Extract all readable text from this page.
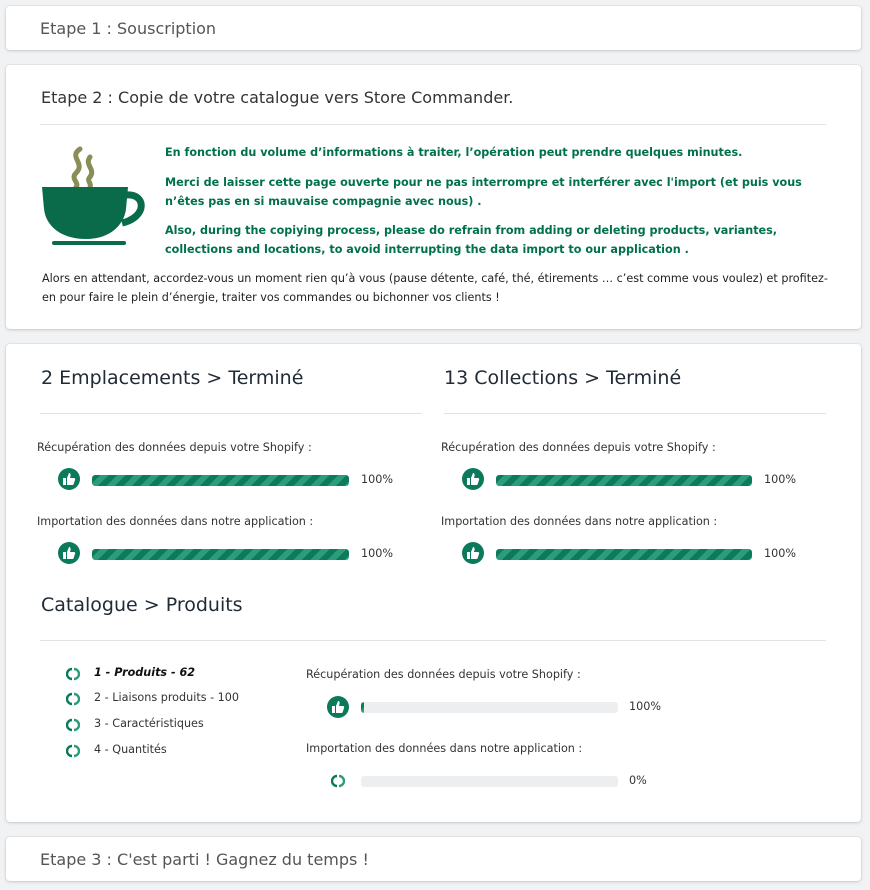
Etape 1 : Souscription
Etape 2 : Copie de votre catalogue vers Store Commander.
En fonction du volume d’informations à traiter, l’opération peut prendre quelques minutes.
Merci de laisser cette page ouverte pour ne pas interrompre et interférer avec l'import (et puis vous n’êtes pas en si mauvaise compagnie avec nous) .
Also, during the copiying process, please do refrain from adding or deleting products, variantes, collections and locations, to avoid interrupting the data import to our application .
Alors en attendant, accordez-vous un moment rien qu’à vous (pause détente, café, thé, étirements … c’est comme vous voulez) et profitez-en pour faire le plein d’énergie, traiter vos commandes ou bichonner vos clients !
2 Emplacements > Terminé
Récupération des données depuis votre Shopify :
100%
Importation des données dans notre application :
100%
13 Collections > Terminé
Récupération des données depuis votre Shopify :
100%
Importation des données dans notre application :
100%
Catalogue > Produits
1 - Produits - 62
2 - Liaisons produits - 100
3 - Caractéristiques
4 - Quantités
Récupération des données depuis votre Shopify :
100%
Importation des données dans notre application :
0%
Etape 3 : C'est parti ! Gagnez du temps !
